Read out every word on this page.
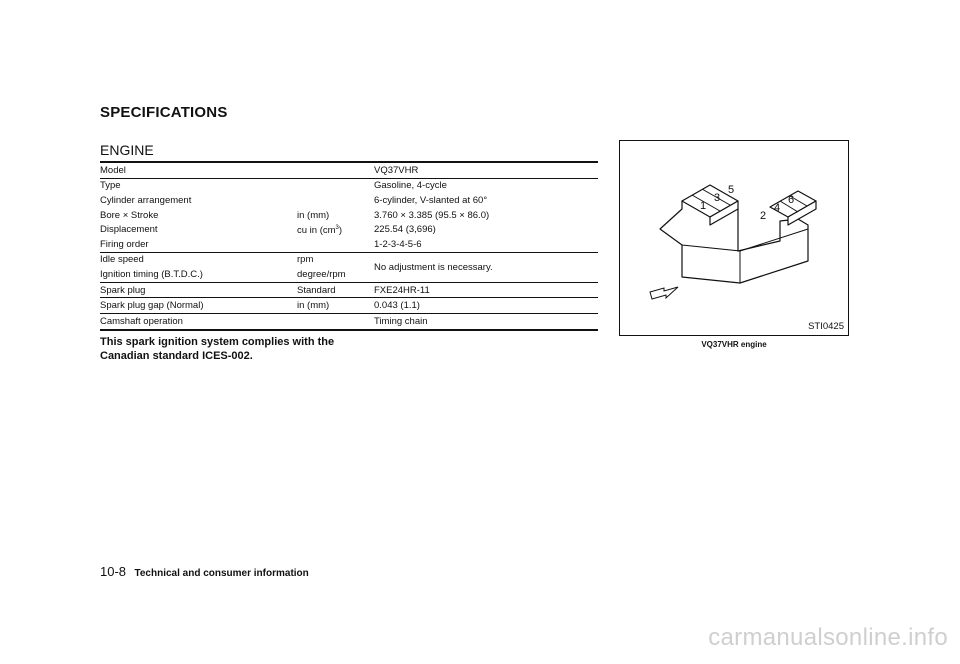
SPECIFICATIONS
ENGINE
Model		VQ37VHR
Type		Gasoline, 4-cycle
Cylinder arrangement		6-cylinder, V-slanted at 60°
Bore × Stroke	in (mm)	3.760 × 3.385 (95.5 × 86.0)
Displacement	cu in $(cm^3)$	225.54 (3,696)
Firing order		1-2-3-4-5-6
Idle speed	rpm	No adjustment is necessary.
Ignition timing (B.T.D.C.)	degree/rpm	
Spark plug	Standard	FXE24HR-11
Spark plug gap (Normal)	in (mm)	0.043 (1.1)
Camshaft operation		Timing chain
This spark ignition system complies with the Canadian standard ICES-002.
1
2
3
4
5
6
STI0425
VQ37VHR engine
10-8 Technical and consumer information
carmanualsonline.info
